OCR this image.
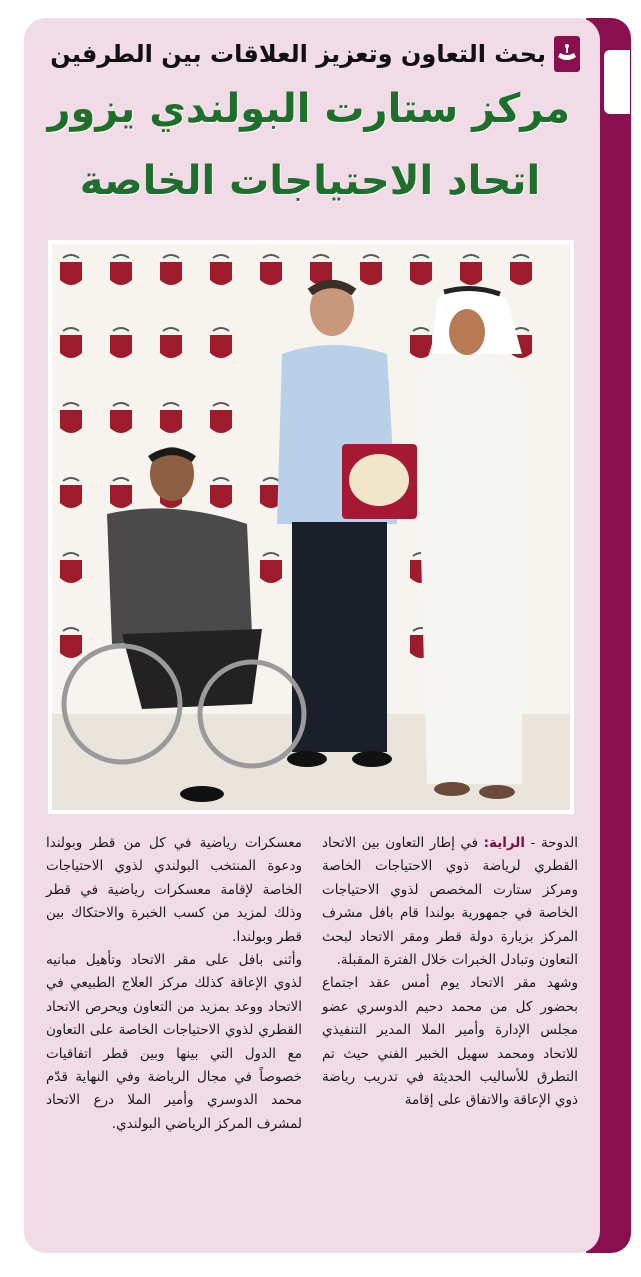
بحث التعاون وتعزيز العلاقات بين الطرفين
مركز ستارت البولندي يزور
اتحاد الاحتياجات الخاصة

الدوحة - الراية: في إطار التعاون بين الاتحاد القطري لرياضة ذوي الاحتياجات الخاصة ومركز ستارت المخصص لذوي الاحتياجات الخاصة في جمهورية بولندا قام بافل مشرف المركز بزيارة دولة قطر ومقر الاتحاد لبحث التعاون وتبادل الخبرات خلال الفترة المقبلة.

وشهد مقر الاتحاد يوم أمس عقد اجتماع بحضور كل من محمد دحيم الدوسري عضو مجلس الإدارة وأمير الملا المدير التنفيذي للاتحاد ومحمد سهيل الخبير الفني حيث تم التطرق للأساليب الحديثة في تدريب رياضة ذوي الإعاقة والاتفاق على إقامة

معسكرات رياضية في كل من قطر وبولندا ودعوة المنتخب البولندي لذوي الاحتياجات الخاصة لإقامة معسكرات رياضية في قطر وذلك لمزيد من كسب الخبرة والاحتكاك بين قطر وبولندا.

وأثنى بافل على مقر الاتحاد وتأهيل مبانيه لذوي الإعاقة كذلك مركز العلاج الطبيعي في الاتحاد ووعد بمزيد من التعاون ويحرص الاتحاد القطري لذوي الاحتياجات الخاصة على التعاون مع الدول التي بينها وبين قطر اتفاقيات خصوصاً في مجال الرياضة وفي النهاية قدّم محمد الدوسري وأمير الملا درع الاتحاد لمشرف المركز الرياضي البولندي.
